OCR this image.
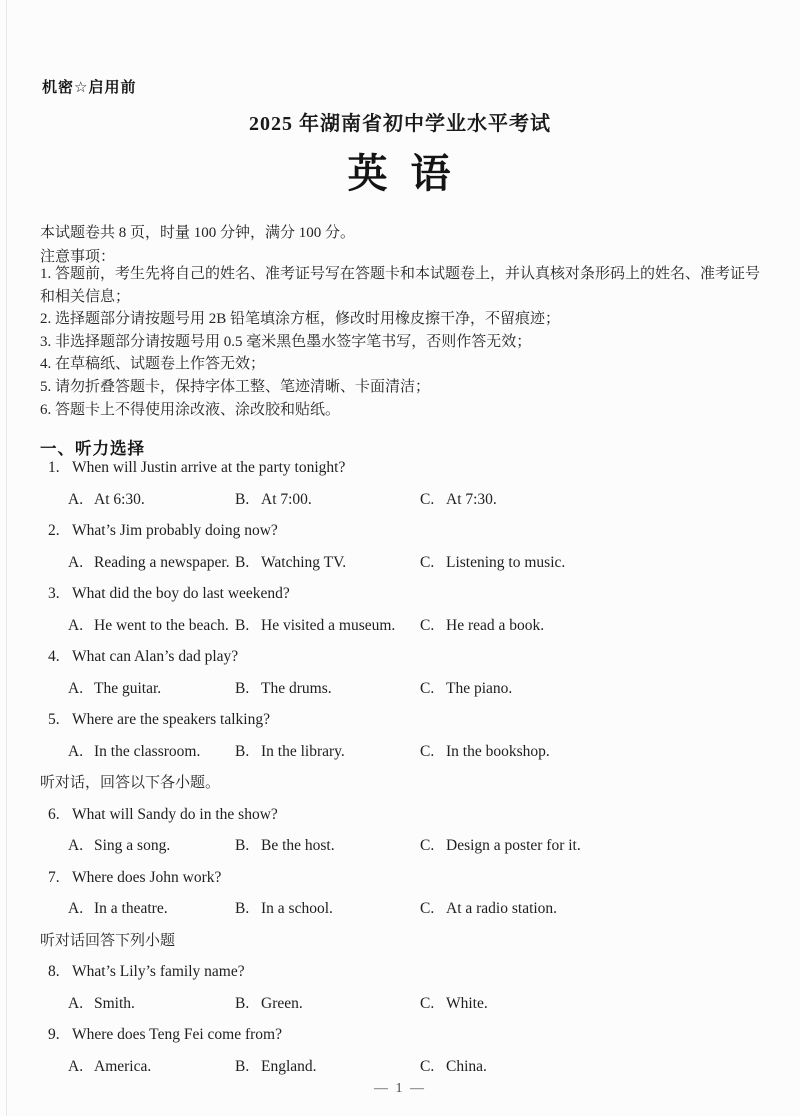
机密☆启用前
2025 年湖南省初中学业水平考试
英 语
本试题卷共 8 页，时量 100 分钟，满分 100 分。
注意事项：
1. 答题前，考生先将自己的姓名、准考证号写在答题卡和本试题卷上，并认真核对条形码上的姓名、准考证号和相关信息；
2. 选择题部分请按题号用 2B 铅笔填涂方框，修改时用橡皮擦干净，不留痕迹；
3. 非选择题部分请按题号用 0.5 毫米黑色墨水签字笔书写，否则作答无效；
4. 在草稿纸、试题卷上作答无效；
5. 请勿折叠答题卡，保持字体工整、笔迹清晰、卡面清洁；
6. 答题卡上不得使用涂改液、涂改胶和贴纸。
一、听力选择
1. When will Justin arrive at the party tonight?
A. At 6:30.	B. At 7:00.	C. At 7:30.
2. What’s Jim probably doing now?
A. Reading a newspaper. B. Watching TV.	C. Listening to music.
3. What did the boy do last weekend?
A. He went to the beach. B. He visited a museum.	C. He read a book.
4. What can Alan’s dad play?
A. The guitar.	B. The drums.	C. The piano.
5. Where are the speakers talking?
A. In the classroom.	B. In the library.	C. In the bookshop.
听对话，回答以下各小题。
6. What will Sandy do in the show?
A. Sing a song.	B. Be the host.	C. Design a poster for it.
7. Where does John work?
A. In a theatre.	B. In a school.	C. At a radio station.
听对话回答下列小题
8. What’s Lily’s family name?
A. Smith.	B. Green.	C. White.
9. Where does Teng Fei come from?
A. America.	B. England.	C. China.
— 1 —
